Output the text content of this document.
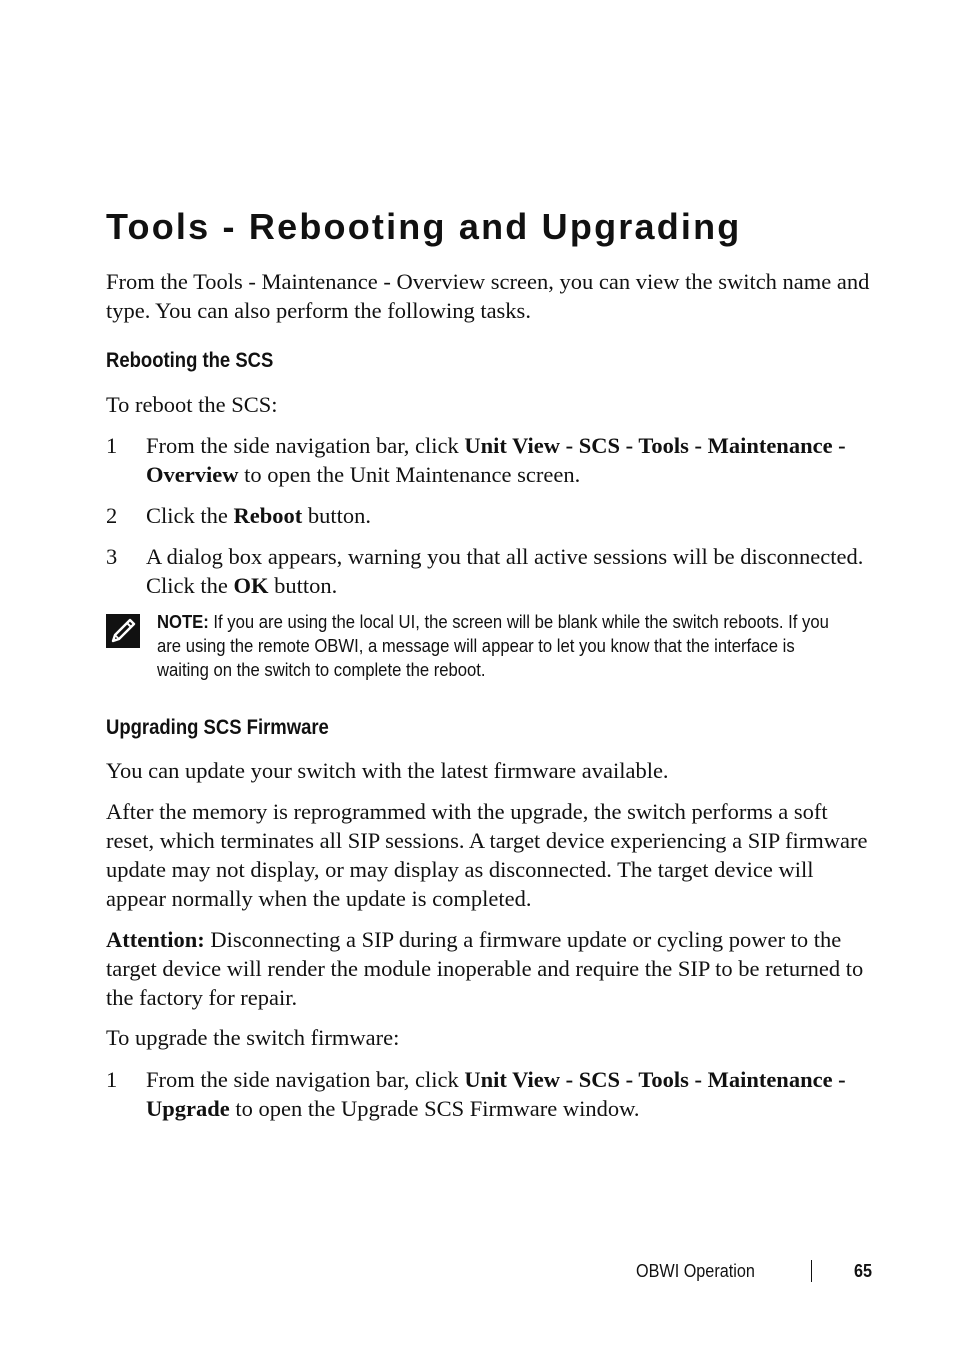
Tools - Rebooting and Upgrading

From the Tools - Maintenance - Overview screen, you can view the switch name and type. You can also perform the following tasks.

Rebooting the SCS

To reboot the SCS:

1 From the side navigation bar, click Unit View - SCS - Tools - Maintenance - Overview to open the Unit Maintenance screen.
2 Click the Reboot button.
3 A dialog box appears, warning you that all active sessions will be disconnected. Click the OK button.
NOTE: If you are using the local UI, the screen will be blank while the switch reboots. If you are using the remote OBWI, a message will appear to let you know that the interface is waiting on the switch to complete the reboot.
Upgrading SCS Firmware

You can update your switch with the latest firmware available.

After the memory is reprogrammed with the upgrade, the switch performs a soft reset, which terminates all SIP sessions. A target device experiencing a SIP firmware update may not display, or may display as disconnected. The target device will appear normally when the update is completed.

Attention: Disconnecting a SIP during a firmware update or cycling power to the target device will render the module inoperable and require the SIP to be returned to the factory for repair.

To upgrade the switch firmware:

1 From the side navigation bar, click Unit View - SCS - Tools - Maintenance - Upgrade to open the Upgrade SCS Firmware window.
OBWI Operation	65
